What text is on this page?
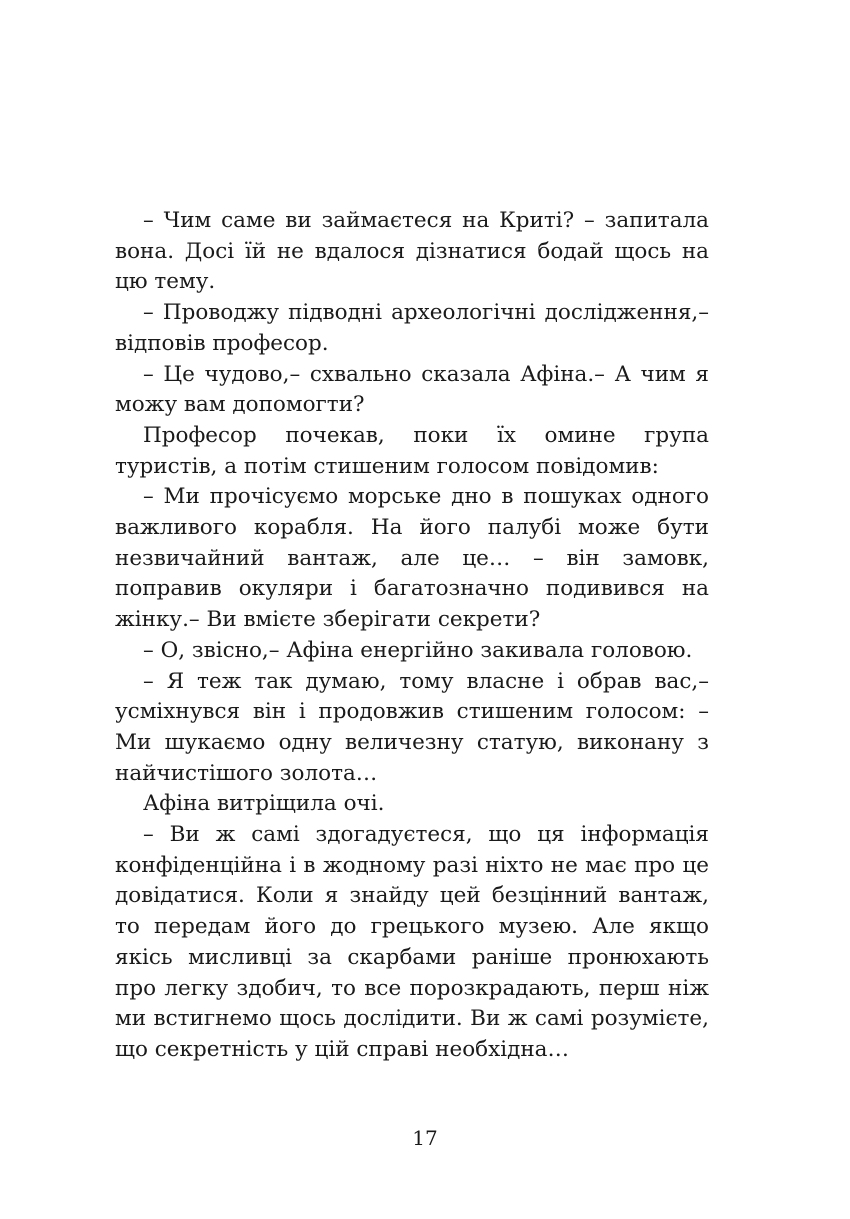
– Чим саме ви займаєтеся на Криті? – запитала вона. Досі їй не вдалося дізнатися бодай щось на цю тему.

– Проводжу підводні археологічні дослідження,– відповів професор.

– Це чудово,– схвально сказала Афіна.– А чим я можу вам допомогти?

Професор почекав, поки їх омине група туристів, а потім стишеним голосом повідомив:

– Ми прочісуємо морське дно в пошуках одного важливого корабля. На його палубі може бути незвичайний вантаж, але це… – він замовк, поправив окуляри і багатозначно подивився на жінку.– Ви вмієте зберігати секрети?

– О, звісно,– Афіна енергійно закивала головою.

– Я теж так думаю, тому власне і обрав вас,– усміхнувся він і продовжив стишеним голосом: – Ми шукаємо одну величезну статую, виконану з найчистішого золота…

Афіна витріщила очі.

– Ви ж самі здогадуєтеся, що ця інформація конфіденційна і в жодному разі ніхто не має про це довідатися. Коли я знайду цей безцінний вантаж, то передам його до грецького музею. Але якщо якісь мисливці за скарбами раніше пронюхають про легку здобич, то все порозкрадають, перш ніж ми встигнемо щось дослідити. Ви ж самі розумієте, що секретність у цій справі необхідна…

17
